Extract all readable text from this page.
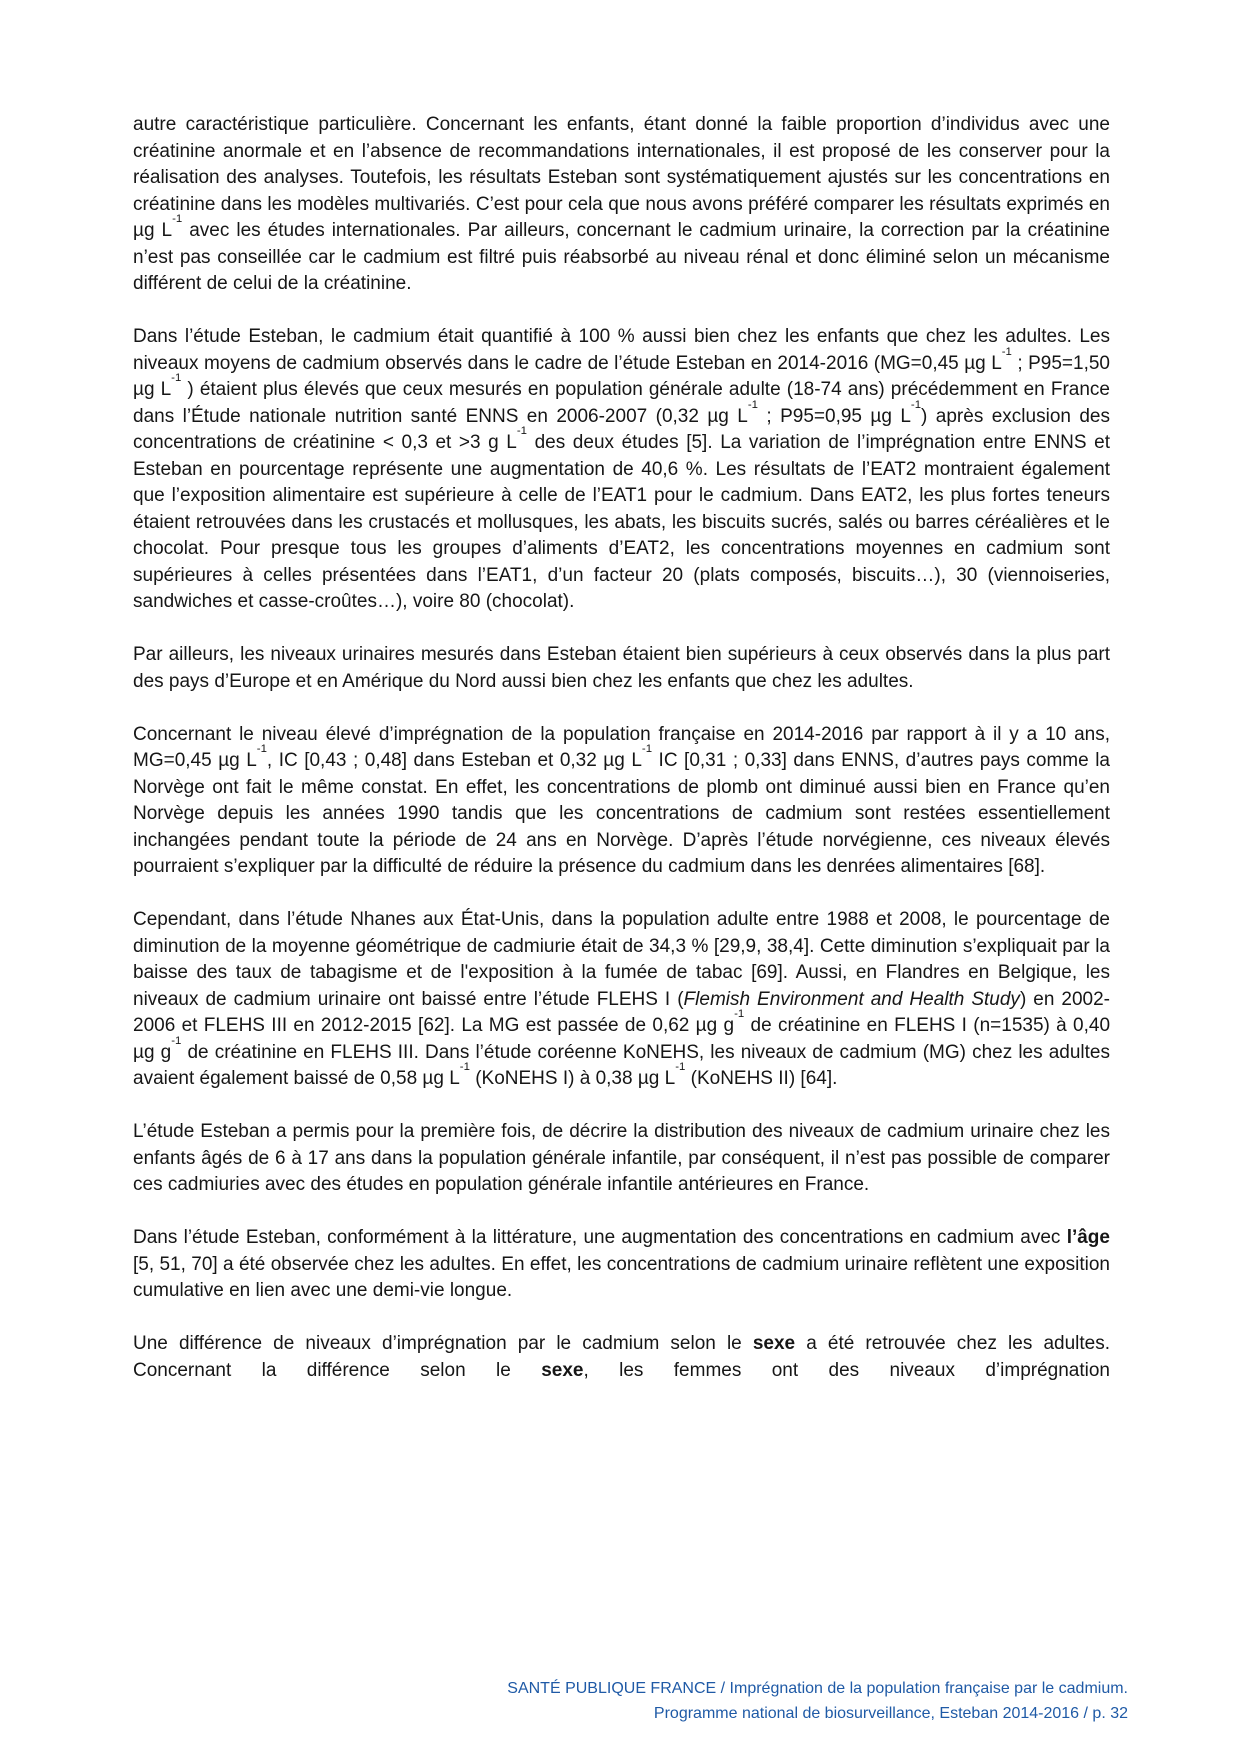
autre caractéristique particulière. Concernant les enfants, étant donné la faible proportion d’individus avec une créatinine anormale et en l’absence de recommandations internationales, il est proposé de les conserver pour la réalisation des analyses. Toutefois, les résultats Esteban sont systématiquement ajustés sur les concentrations en créatinine dans les modèles multivariés. C’est pour cela que nous avons préféré comparer les résultats exprimés en µg $L^{-1}$ avec les études internationales. Par ailleurs, concernant le cadmium urinaire, la correction par la créatinine n’est pas conseillée car le cadmium est filtré puis réabsorbé au niveau rénal et donc éliminé selon un mécanisme différent de celui de la créatinine.

Dans l’étude Esteban, le cadmium était quantifié à 100 % aussi bien chez les enfants que chez les adultes. Les niveaux moyens de cadmium observés dans le cadre de l’étude Esteban en 2014-2016 (MG=0,45 µg $L^{-1}$ ; P95=1,50 µg $L^{-1}$ ) étaient plus élevés que ceux mesurés en population générale adulte (18-74 ans) précédemment en France dans l’Étude nationale nutrition santé ENNS en 2006-2007 (0,32 µg $L^{-1}$ ; P95=0,95 µg $L^{-1}$) après exclusion des concentrations de créatinine < 0,3 et >3 g $L^{-1}$ des deux études [5]. La variation de l’imprégnation entre ENNS et Esteban en pourcentage représente une augmentation de 40,6 %. Les résultats de l’EAT2 montraient également que l’exposition alimentaire est supérieure à celle de l’EAT1 pour le cadmium. Dans EAT2, les plus fortes teneurs étaient retrouvées dans les crustacés et mollusques, les abats, les biscuits sucrés, salés ou barres céréalières et le chocolat. Pour presque tous les groupes d’aliments d’EAT2, les concentrations moyennes en cadmium sont supérieures à celles présentées dans l’EAT1, d’un facteur 20 (plats composés, biscuits…), 30 (viennoiseries, sandwiches et casse-croûtes…), voire 80 (chocolat).

Par ailleurs, les niveaux urinaires mesurés dans Esteban étaient bien supérieurs à ceux observés dans la plus part des pays d’Europe et en Amérique du Nord aussi bien chez les enfants que chez les adultes.

Concernant le niveau élevé d’imprégnation de la population française en 2014-2016 par rapport à il y a 10 ans, MG=0,45 µg $L^{-1}$, IC [0,43 ; 0,48] dans Esteban et 0,32 µg $L^{-1}$ IC [0,31 ; 0,33] dans ENNS, d’autres pays comme la Norvège ont fait le même constat. En effet, les concentrations de plomb ont diminué aussi bien en France qu’en Norvège depuis les années 1990 tandis que les concentrations de cadmium sont restées essentiellement inchangées pendant toute la période de 24 ans en Norvège. D’après l’étude norvégienne, ces niveaux élevés pourraient s’expliquer par la difficulté de réduire la présence du cadmium dans les denrées alimentaires [68].

Cependant, dans l’étude Nhanes aux État-Unis, dans la population adulte entre 1988 et 2008, le pourcentage de diminution de la moyenne géométrique de cadmiurie était de 34,3 % [29,9, 38,4]. Cette diminution s’expliquait par la baisse des taux de tabagisme et de l'exposition à la fumée de tabac [69]. Aussi, en Flandres en Belgique, les niveaux de cadmium urinaire ont baissé entre l’étude FLEHS I (Flemish Environment and Health Study) en 2002-2006 et FLEHS III en 2012-2015 [62]. La MG est passée de 0,62 µg $g^{-1}$ de créatinine en FLEHS I (n=1535) à 0,40 µg $g^{-1}$ de créatinine en FLEHS III. Dans l’étude coréenne KoNEHS, les niveaux de cadmium (MG) chez les adultes avaient également baissé de 0,58 µg $L^{-1}$ (KoNEHS I) à 0,38 µg $L^{-1}$ (KoNEHS II) [64].

L’étude Esteban a permis pour la première fois, de décrire la distribution des niveaux de cadmium urinaire chez les enfants âgés de 6 à 17 ans dans la population générale infantile, par conséquent, il n’est pas possible de comparer ces cadmiuries avec des études en population générale infantile antérieures en France.

Dans l’étude Esteban, conformément à la littérature, une augmentation des concentrations en cadmium avec l’âge [5, 51, 70] a été observée chez les adultes. En effet, les concentrations de cadmium urinaire reflètent une exposition cumulative en lien avec une demi-vie longue.

Une différence de niveaux d’imprégnation par le cadmium selon le sexe a été retrouvée chez les adultes. Concernant la différence selon le sexe, les femmes ont des niveaux d’imprégnation

SANTÉ PUBLIQUE FRANCE / Imprégnation de la population française par le cadmium.
Programme national de biosurveillance, Esteban 2014-2016 / p. 32
